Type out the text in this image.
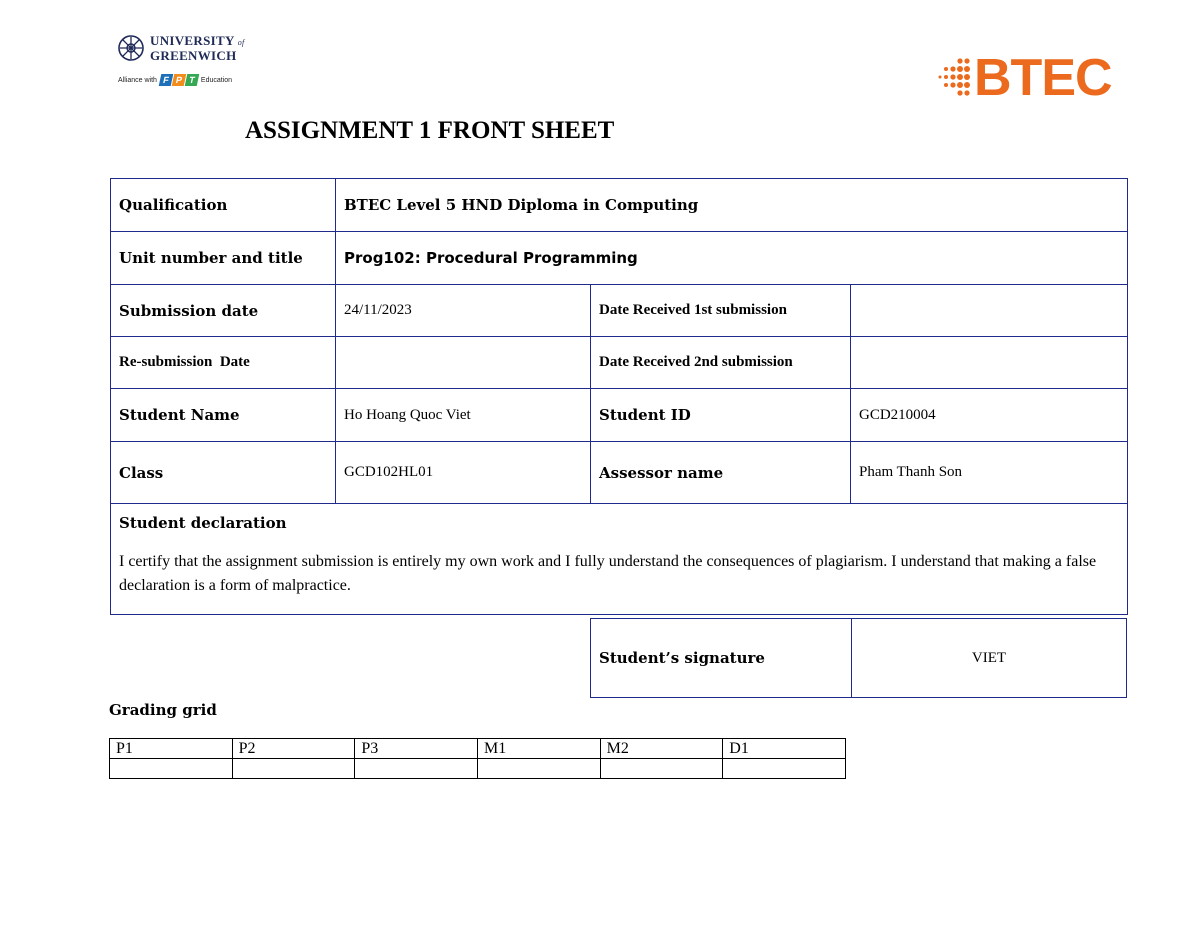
UNIVERSITY of
GREENWICH
Alliance with F P T Education	BTEC
ASSIGNMENT 1 FRONT SHEET
Qualification	BTEC Level 5 HND Diploma in Computing		
Unit number and title	Prog102: Procedural Programming		
Submission date	24/11/2023	Date Received 1st submission	
Re-submission  Date		Date Received 2nd submission	
Student Name	Ho Hoang Quoc Viet	Student ID	GCD210004
Class	GCD102HL01	Assessor name	Pham Thanh Son

Student declaration
I certify that the assignment submission is entirely my own work and I fully understand the consequences of plagiarism. I understand that making a false declaration is a form of malpractice.			
Student’s signature	VIET
Grading grid
P1	P2	P3	M1	M2	D1
